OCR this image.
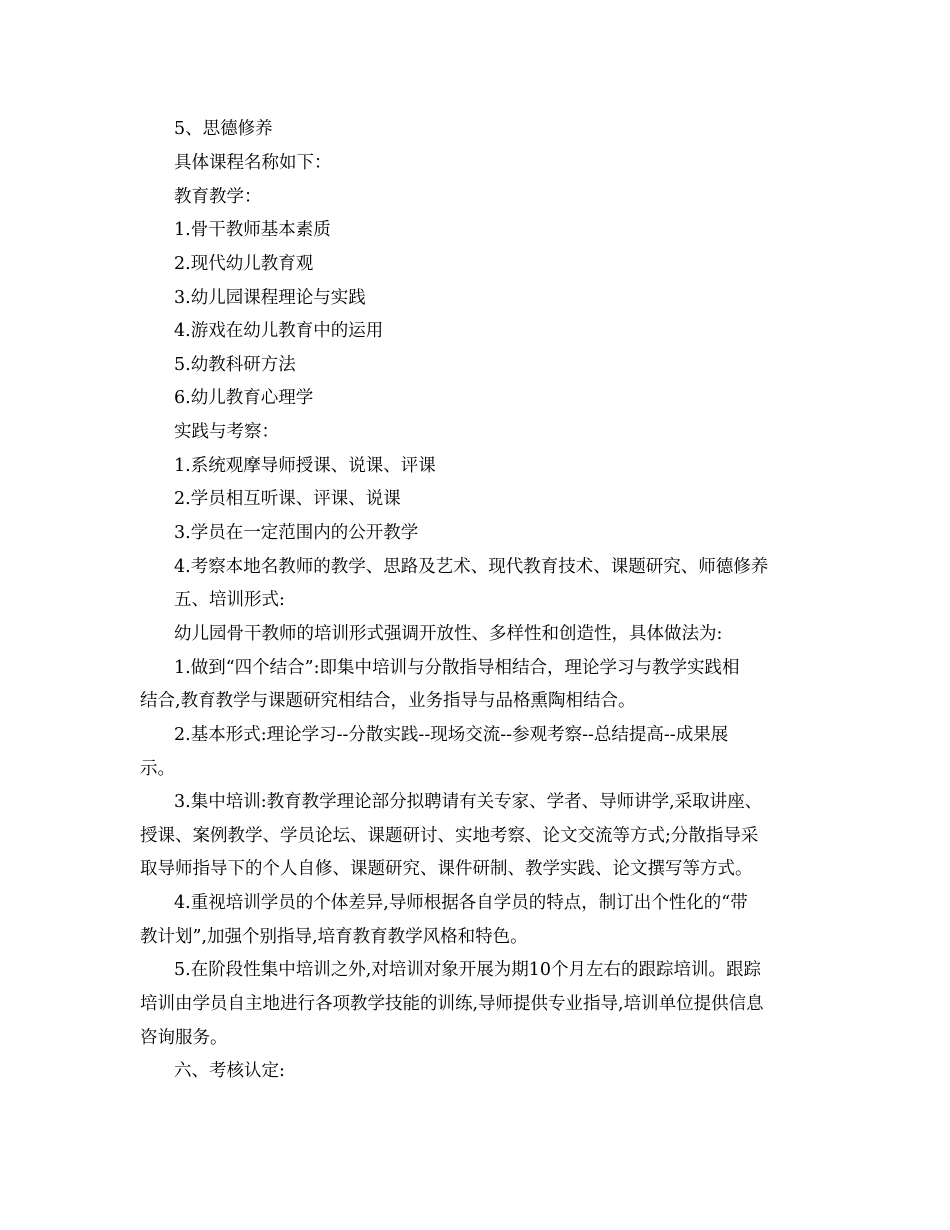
5、思德修养
具体课程名称如下：
教育教学：
1.骨干教师基本素质
2.现代幼儿教育观
3.幼儿园课程理论与实践
4.游戏在幼儿教育中的运用
5.幼教科研方法
6.幼儿教育心理学
实践与考察：
1.系统观摩导师授课、说课、评课
2.学员相互听课、评课、说课
3.学员在一定范围内的公开教学
4.考察本地名教师的教学、思路及艺术、现代教育技术、课题研究、师德修养
五、培训形式:
幼儿园骨干教师的培训形式强调开放性、多样性和创造性，具体做法为:
1.做到“四个结合”:即集中培训与分散指导相结合，理论学习与教学实践相
结合,教育教学与课题研究相结合，业务指导与品格熏陶相结合。
2.基本形式:理论学习--分散实践--现场交流--参观考察--总结提高--成果展
示。
3.集中培训:教育教学理论部分拟聘请有关专家、学者、导师讲学,采取讲座、
授课、案例教学、学员论坛、课题研讨、实地考察、论文交流等方式;分散指导采
取导师指导下的个人自修、课题研究、课件研制、教学实践、论文撰写等方式。
4.重视培训学员的个体差异,导师根据各自学员的特点，制订出个性化的“带
教计划”,加强个别指导,培育教育教学风格和特色。
5.在阶段性集中培训之外,对培训对象开展为期10个月左右的跟踪培训。跟踪
培训由学员自主地进行各项教学技能的训练,导师提供专业指导,培训单位提供信息
咨询服务。
六、考核认定:
